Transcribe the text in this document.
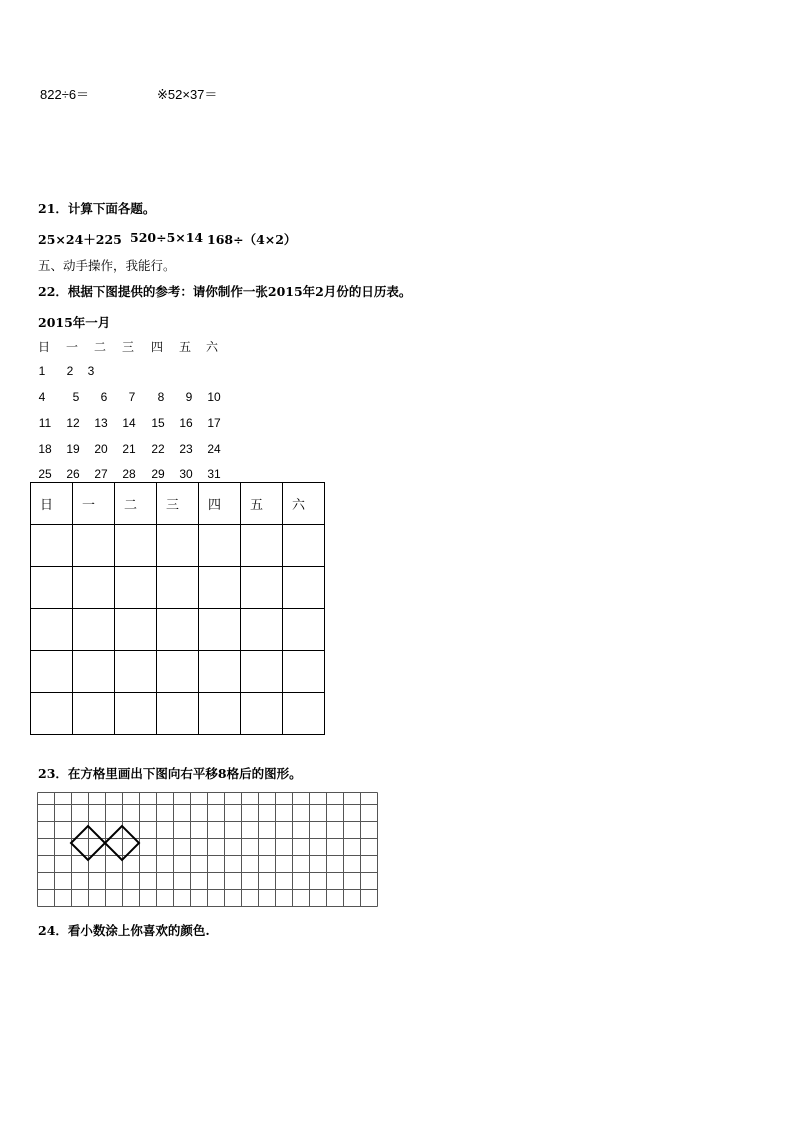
822÷6＝	※52×37＝
21．计算下面各题。
25×24＋225 520÷5×14 168÷（4×2）
五、动手操作，我能行。
22．根据下图提供的参考：请你制作一张2015年2月份的日历表。
2015年一月
日	一	二	三	四	五	六
1	2	3
4	5	6	7	8	9	10
11	12 13 14 15 16 17
18 19 20 21 22 23 24
25 26 27 28 29 30 31
日	一	二	三	四	五	六

23．在方格里画出下图向右平移8格后的图形。
24．看小数涂上你喜欢的颜色.
